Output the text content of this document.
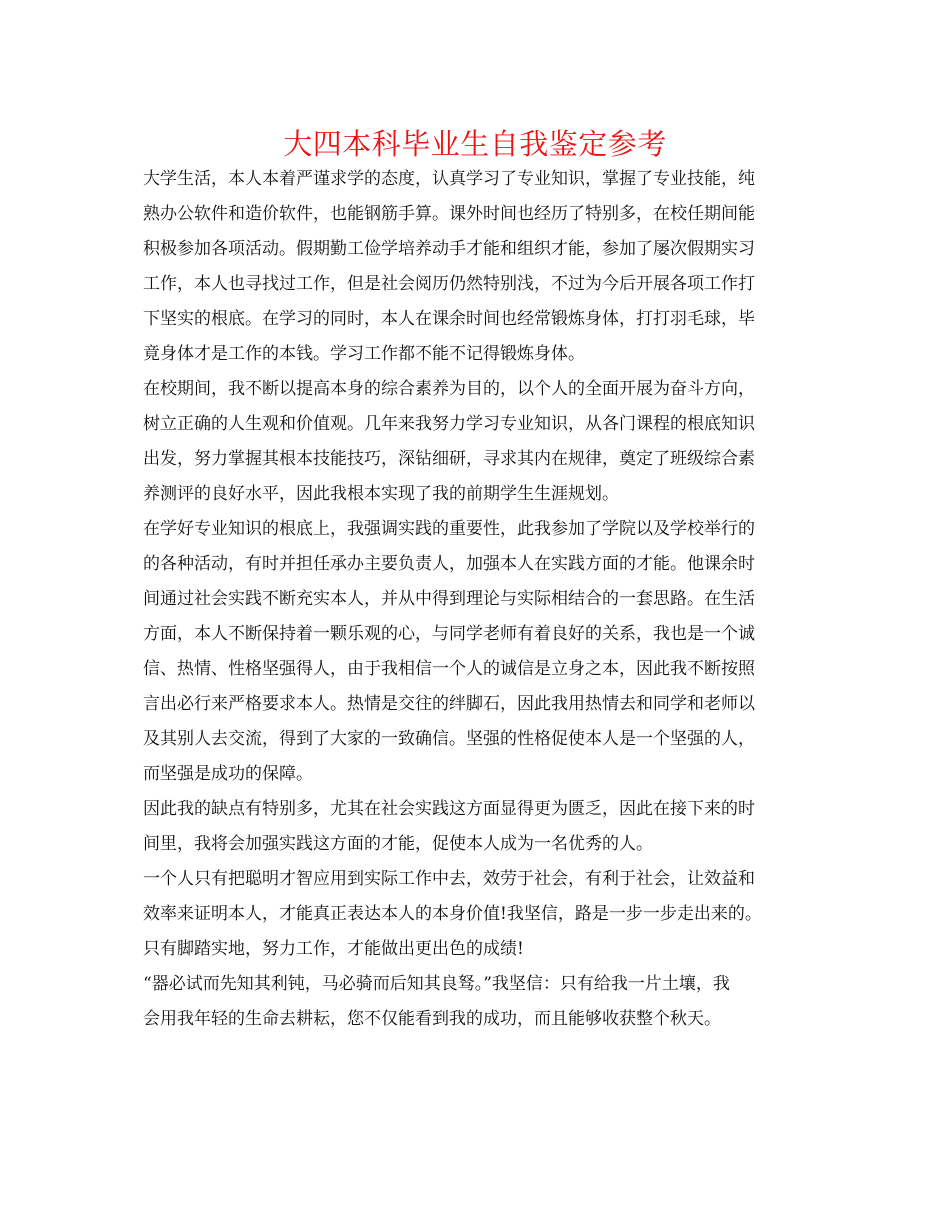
大四本科毕业生自我鉴定参考

大学生活，本人本着严谨求学的态度，认真学习了专业知识，掌握了专业技能，纯
熟办公软件和造价软件，也能钢筋手算。课外时间也经历了特别多，在校任期间能
积极参加各项活动。假期勤工俭学培养动手才能和组织才能，参加了屡次假期实习
工作，本人也寻找过工作，但是社会阅历仍然特别浅，不过为今后开展各项工作打
下坚实的根底。在学习的同时，本人在课余时间也经常锻炼身体，打打羽毛球，毕
竟身体才是工作的本钱。学习工作都不能不记得锻炼身体。

在校期间，我不断以提高本身的综合素养为目的，以个人的全面开展为奋斗方向，
树立正确的人生观和价值观。几年来我努力学习专业知识，从各门课程的根底知识
出发，努力掌握其根本技能技巧，深钻细研，寻求其内在规律，奠定了班级综合素
养测评的良好水平，因此我根本实现了我的前期学生生涯规划。

在学好专业知识的根底上，我强调实践的重要性，此我参加了学院以及学校举行的
的各种活动，有时并担任承办主要负责人，加强本人在实践方面的才能。他课余时
间通过社会实践不断充实本人，并从中得到理论与实际相结合的一套思路。在生活
方面，本人不断保持着一颗乐观的心，与同学老师有着良好的关系，我也是一个诚
信、热情、性格坚强得人，由于我相信一个人的诚信是立身之本，因此我不断按照
言出必行来严格要求本人。热情是交往的绊脚石，因此我用热情去和同学和老师以
及其别人去交流，得到了大家的一致确信。坚强的性格促使本人是一个坚强的人，
而坚强是成功的保障。

因此我的缺点有特别多，尤其在社会实践这方面显得更为匮乏，因此在接下来的时
间里，我将会加强实践这方面的才能，促使本人成为一名优秀的人。

一个人只有把聪明才智应用到实际工作中去，效劳于社会，有利于社会，让效益和
效率来证明本人，才能真正表达本人的本身价值!我坚信，路是一步一步走出来的。
只有脚踏实地，努力工作，才能做出更出色的成绩!

“器必试而先知其利钝，马必骑而后知其良驽。”我坚信：只有给我一片土壤，我
会用我年轻的生命去耕耘，您不仅能看到我的成功，而且能够收获整个秋天。
